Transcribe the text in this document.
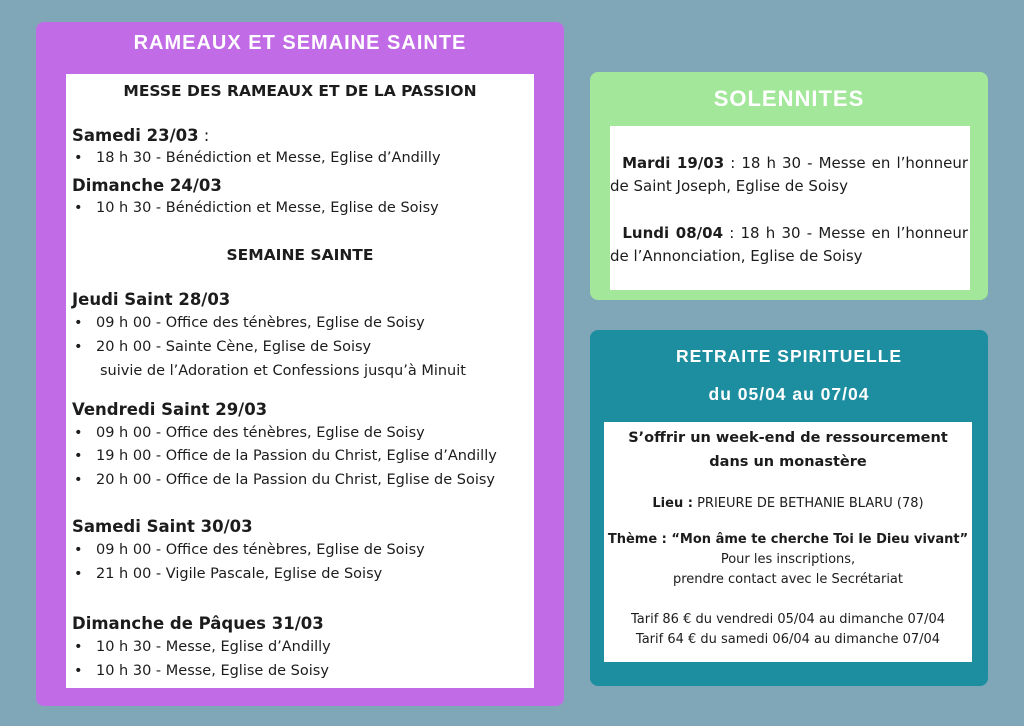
RAMEAUX ET SEMAINE SAINTE
MESSE DES RAMEAUX ET DE LA PASSION
Samedi 23/03 :
• 18 h 30 - Bénédiction et Messe, Eglise d’Andilly
Dimanche 24/03
• 10 h 30 - Bénédiction et Messe, Eglise de Soisy
SEMAINE SAINTE
Jeudi Saint 28/03
• 09 h 00 - Office des ténèbres, Eglise de Soisy
• 20 h 00 - Sainte Cène, Eglise de Soisy
suivie de l’Adoration et Confessions jusqu’à Minuit
Vendredi Saint 29/03
• 09 h 00 - Office des ténèbres, Eglise de Soisy
• 19 h 00 - Office de la Passion du Christ, Eglise d’Andilly
• 20 h 00 - Office de la Passion du Christ, Eglise de Soisy
Samedi Saint 30/03
• 09 h 00 - Office des ténèbres, Eglise de Soisy
• 21 h 00 - Vigile Pascale, Eglise de Soisy
Dimanche de Pâques 31/03
• 10 h 30 - Messe, Eglise d’Andilly
• 10 h 30 - Messe, Eglise de Soisy
SOLENNITES
Mardi 19/03 : 18 h 30 - Messe en l’honneur de Saint Joseph, Eglise de Soisy
Lundi 08/04 : 18 h 30 - Messe en l’honneur de l’Annonciation, Eglise de Soisy
RETRAITE SPIRITUELLE
du 05/04 au 07/04
S’offrir un week-end de ressourcement
dans un monastère
Lieu : PRIEURE DE BETHANIE BLARU (78)
Thème : “Mon âme te cherche Toi le Dieu vivant”
Pour les inscriptions,
prendre contact avec le Secrétariat
Tarif 86 € du vendredi 05/04 au dimanche 07/04
Tarif 64 € du samedi 06/04 au dimanche 07/04
